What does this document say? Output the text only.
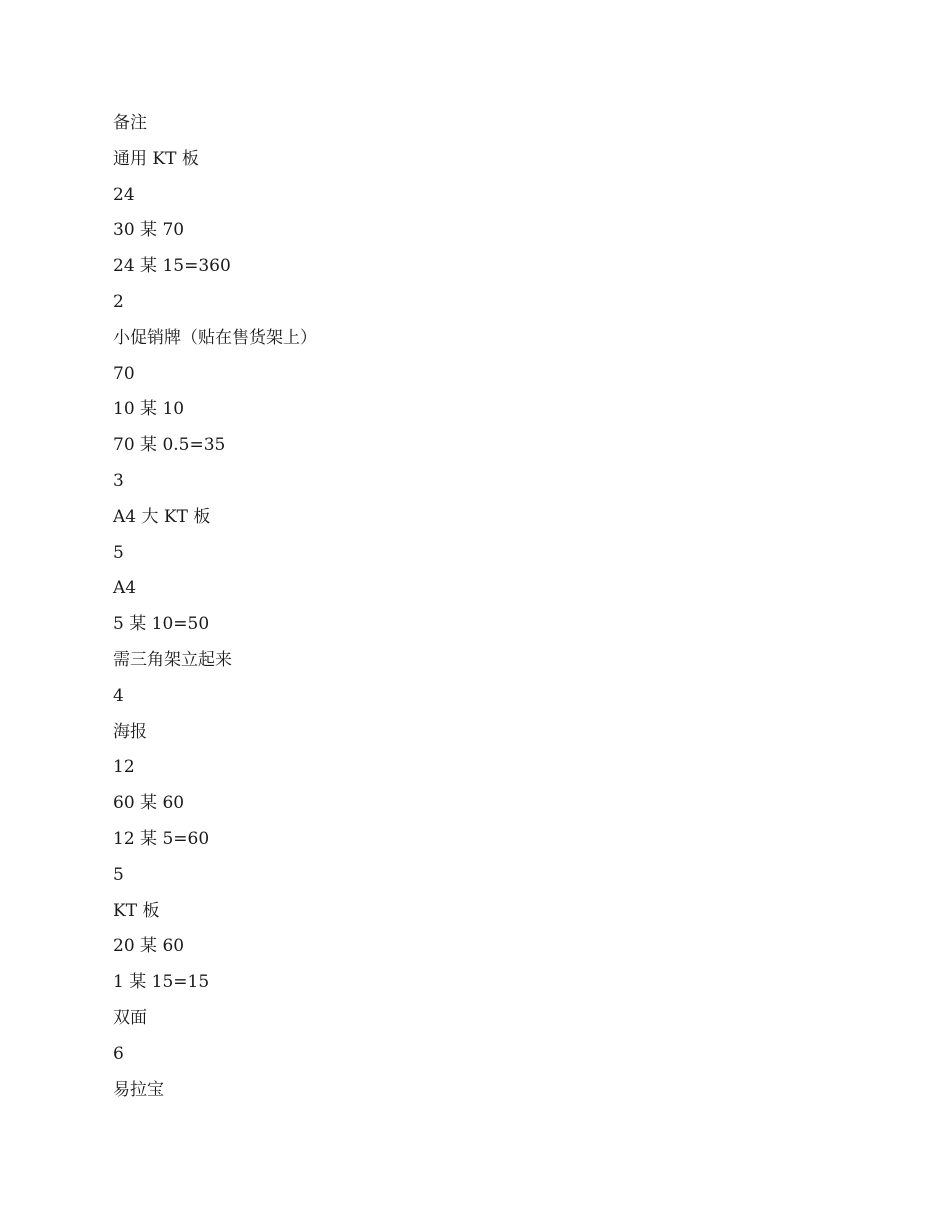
备注
通用 KT 板
24
30 某 70
24 某 15=360
2
小促销牌（贴在售货架上）
70
10 某 10
70 某 0.5=35
3
A4 大 KT 板
5
A4
5 某 10=50
需三角架立起来
4
海报
12
60 某 60
12 某 5=60
5
KT 板
20 某 60
1 某 15=15
双面
6
易拉宝
